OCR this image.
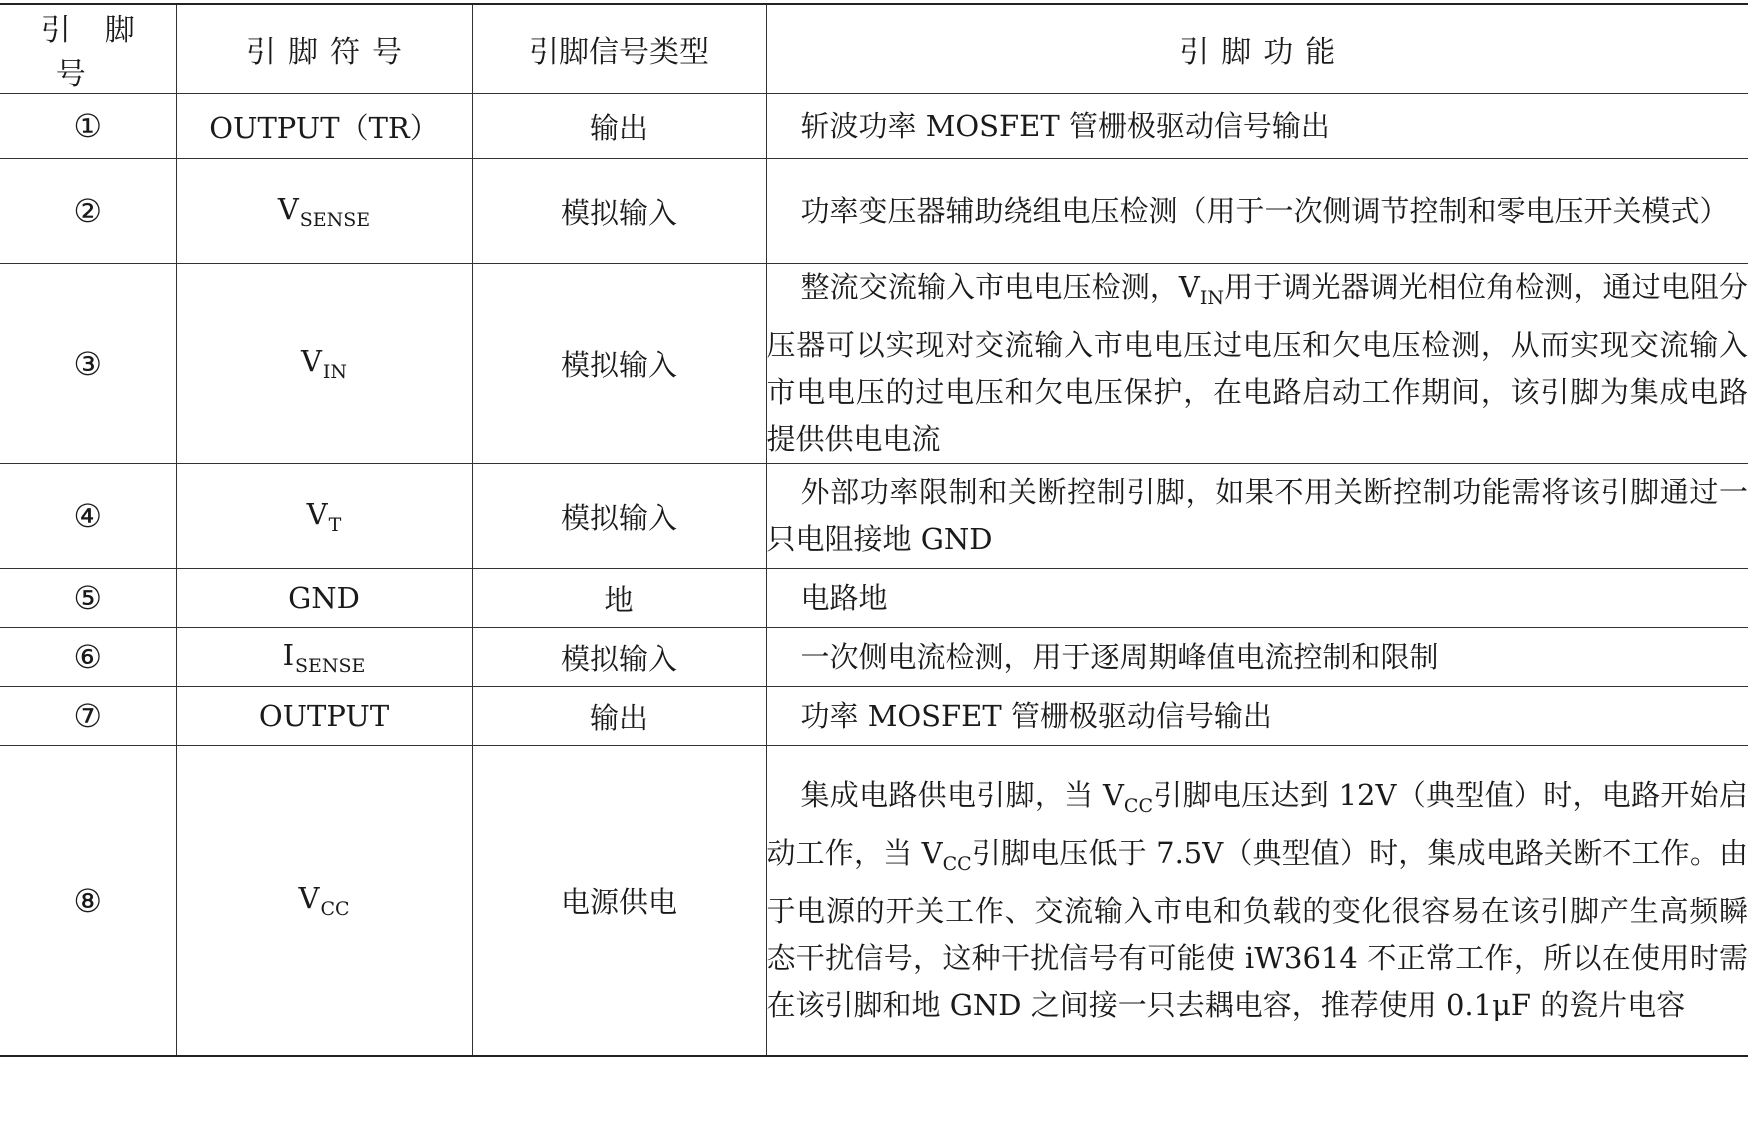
引脚号	引脚符号	引脚信号类型	引脚功能
①	OUTPUT（TR）	输出	斩波功率 MOSFET 管栅极驱动信号输出
②	$V_{SENSE}$	模拟输入	功率变压器辅助绕组电压检测（用于一次侧调节控制和零电压开关模式）
③	$V_{IN}$	模拟输入	整流交流输入市电电压检测，$V_{IN}$用于调光器调光相位角检测，通过电阻分压器可以实现对交流输入市电电压过电压和欠电压检测，从而实现交流输入市电电压的过电压和欠电压保护，在电路启动工作期间，该引脚为集成电路提供供电电流
④	$V_T$	模拟输入	外部功率限制和关断控制引脚，如果不用关断控制功能需将该引脚通过一只电阻接地 GND
⑤	GND	地	电路地
⑥	$I_{SENSE}$	模拟输入	一次侧电流检测，用于逐周期峰值电流控制和限制
⑦	OUTPUT	输出	功率 MOSFET 管栅极驱动信号输出
⑧	$V_{CC}$	电源供电	集成电路供电引脚，当 $V_{CC}$引脚电压达到 12V（典型值）时，电路开始启动工作，当 $V_{CC}$引脚电压低于 7.5V（典型值）时，集成电路关断不工作。由于电源的开关工作、交流输入市电和负载的变化很容易在该引脚产生高频瞬态干扰信号，这种干扰信号有可能使 iW3614 不正常工作，所以在使用时需在该引脚和地 GND 之间接一只去耦电容，推荐使用 0.1μF 的瓷片电容
